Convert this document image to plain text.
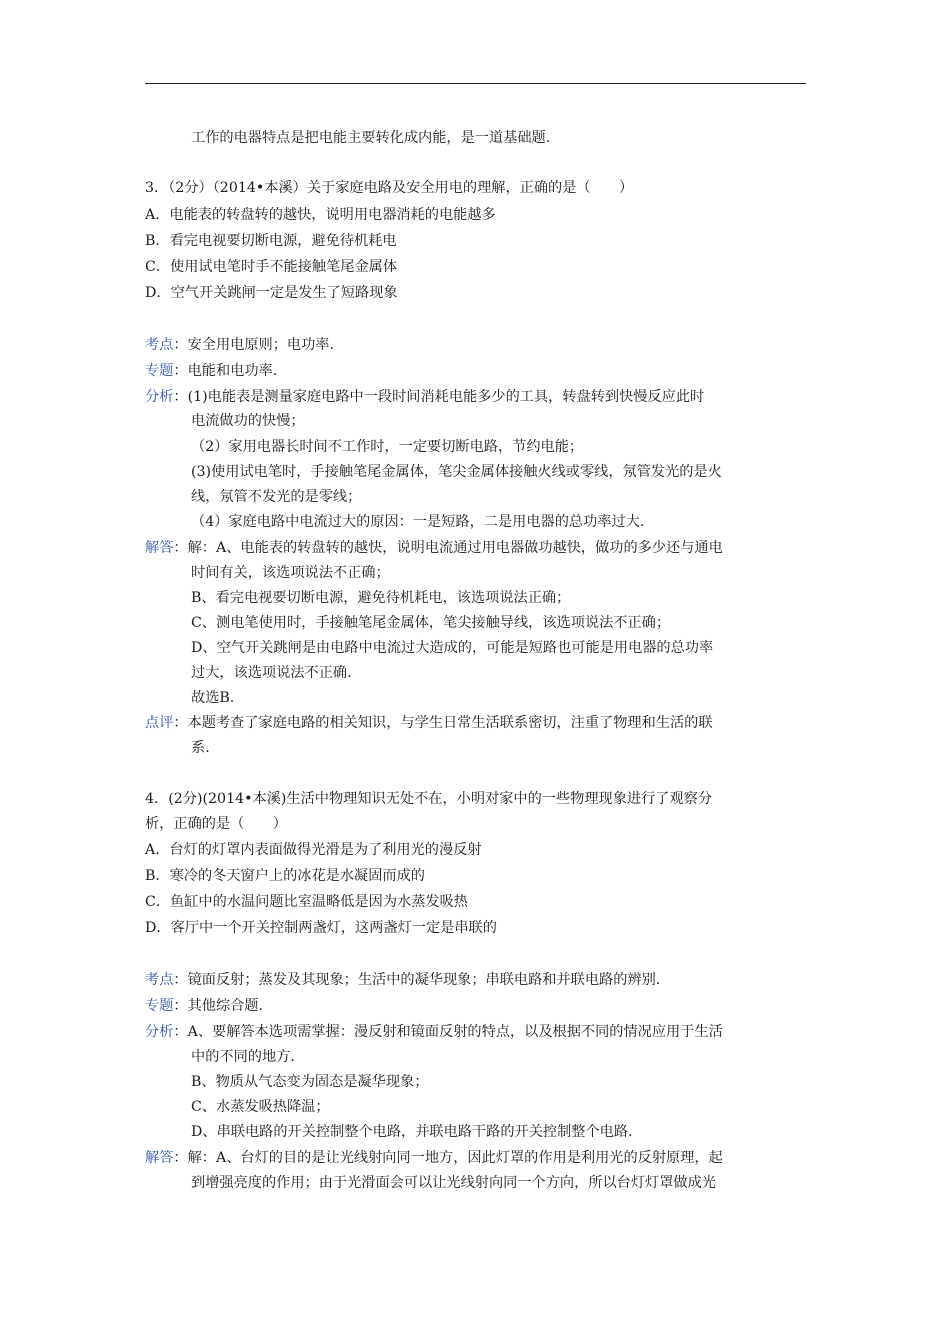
工作的电器特点是把电能主要转化成内能，是一道基础题.
3．（2分）（2014•本溪）关于家庭电路及安全用电的理解，正确的是（　　）
A．电能表的转盘转的越快，说明用电器消耗的电能越多
B．看完电视要切断电源，避免待机耗电
C．使用试电笔时手不能接触笔尾金属体
D．空气开关跳闸一定是发生了短路现象
考点：安全用电原则；电功率.
专题：电能和电功率.
分析：(1)电能表是测量家庭电路中一段时间消耗电能多少的工具，转盘转到快慢反应此时
电流做功的快慢；
（2）家用电器长时间不工作时，一定要切断电路，节约电能；
(3)使用试电笔时，手接触笔尾金属体，笔尖金属体接触火线或零线，氖管发光的是火
线，氖管不发光的是零线；
（4）家庭电路中电流过大的原因：一是短路，二是用电器的总功率过大.
解答：解：A、电能表的转盘转的越快，说明电流通过用电器做功越快，做功的多少还与通电
时间有关，该选项说法不正确；
B、看完电视要切断电源，避免待机耗电，该选项说法正确；
C、测电笔使用时，手接触笔尾金属体，笔尖接触导线，该选项说法不正确；
D、空气开关跳闸是由电路中电流过大造成的，可能是短路也可能是用电器的总功率
过大，该选项说法不正确.
故选B.
点评：本题考查了家庭电路的相关知识，与学生日常生活联系密切，注重了物理和生活的联
系.
4．(2分)(2014•本溪)生活中物理知识无处不在，小明对家中的一些物理现象进行了观察分
析，正确的是（　　）
A．台灯的灯罩内表面做得光滑是为了利用光的漫反射
B．寒冷的冬天窗户上的冰花是水凝固而成的
C．鱼缸中的水温问题比室温略低是因为水蒸发吸热
D．客厅中一个开关控制两盏灯，这两盏灯一定是串联的
考点：镜面反射；蒸发及其现象；生活中的凝华现象；串联电路和并联电路的辨别.
专题：其他综合题.
分析：A、要解答本选项需掌握：漫反射和镜面反射的特点，以及根据不同的情况应用于生活
中的不同的地方.
B、物质从气态变为固态是凝华现象；
C、水蒸发吸热降温；
D、串联电路的开关控制整个电路，并联电路干路的开关控制整个电路.
解答：解：A、台灯的目的是让光线射向同一地方，因此灯罩的作用是利用光的反射原理，起
到增强亮度的作用；由于光滑面会可以让光线射向同一个方向，所以台灯灯罩做成光
